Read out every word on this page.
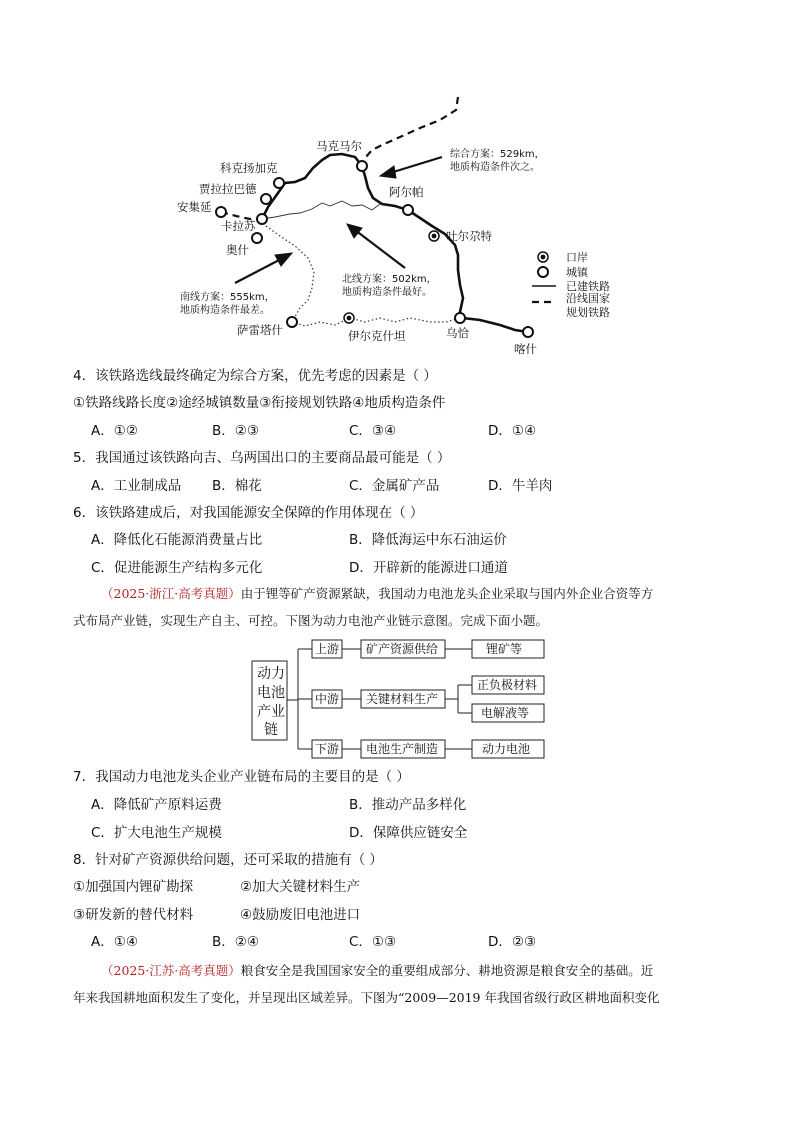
马克马尔
科克扬加克
贾拉拉巴德
安集延
卡拉苏
奥什
阿尔帕
吐尔尕特
萨雷塔什	伊尔克什坦	乌恰
喀什
综合方案：529km，
地质构造条件次之。
北线方案：502km，
地质构造条件最好。
南线方案：555km，
地质构造条件最差。
口岸
城镇
已建铁路
沿线国家
规划铁路
4．该铁路选线最终确定为综合方案，优先考虑的因素是（ ）
①铁路线路长度②途经城镇数量③衔接规划铁路④地质构造条件
A．①②	B．②③	C．③④	D．①④
5．我国通过该铁路向吉、乌两国出口的主要商品最可能是（ ）
A．工业制成品 B．棉花	C．金属矿产品	D．牛羊肉
6．该铁路建成后，对我国能源安全保障的作用体现在（ ）
A．降低化石能源消费量占比	B．降低海运中东石油运价
C．促进能源生产结构多元化	D．开辟新的能源进口通道
（2025·浙江·高考真题）由于锂等矿产资源紧缺，我国动力电池龙头企业采取与国内外企业合资等方
式布局产业链，实现生产自主、可控。下图为动力电池产业链示意图。完成下面小题。
动力
电池
产业
链
上游
中游
下游
矿产资源供给
关键材料生产
电池生产制造
锂矿等
正负极材料
电解液等
动力电池
7．我国动力电池龙头企业产业链布局的主要目的是（ ）
A．降低矿产原料运费	B．推动产品多样化
C．扩大电池生产规模	D．保障供应链安全
8．针对矿产资源供给问题，还可采取的措施有（ ）
①加强国内锂矿勘探	②加大关键材料生产
③研发新的替代材料	④鼓励废旧电池进口
A．①④	B．②④	C．①③	D．②③
（2025·江苏·高考真题）粮食安全是我国国家安全的重要组成部分、耕地资源是粮食安全的基础。近
年来我国耕地面积发生了变化，并呈现出区域差异。下图为“2009—2019 年我国省级行政区耕地面积变化
